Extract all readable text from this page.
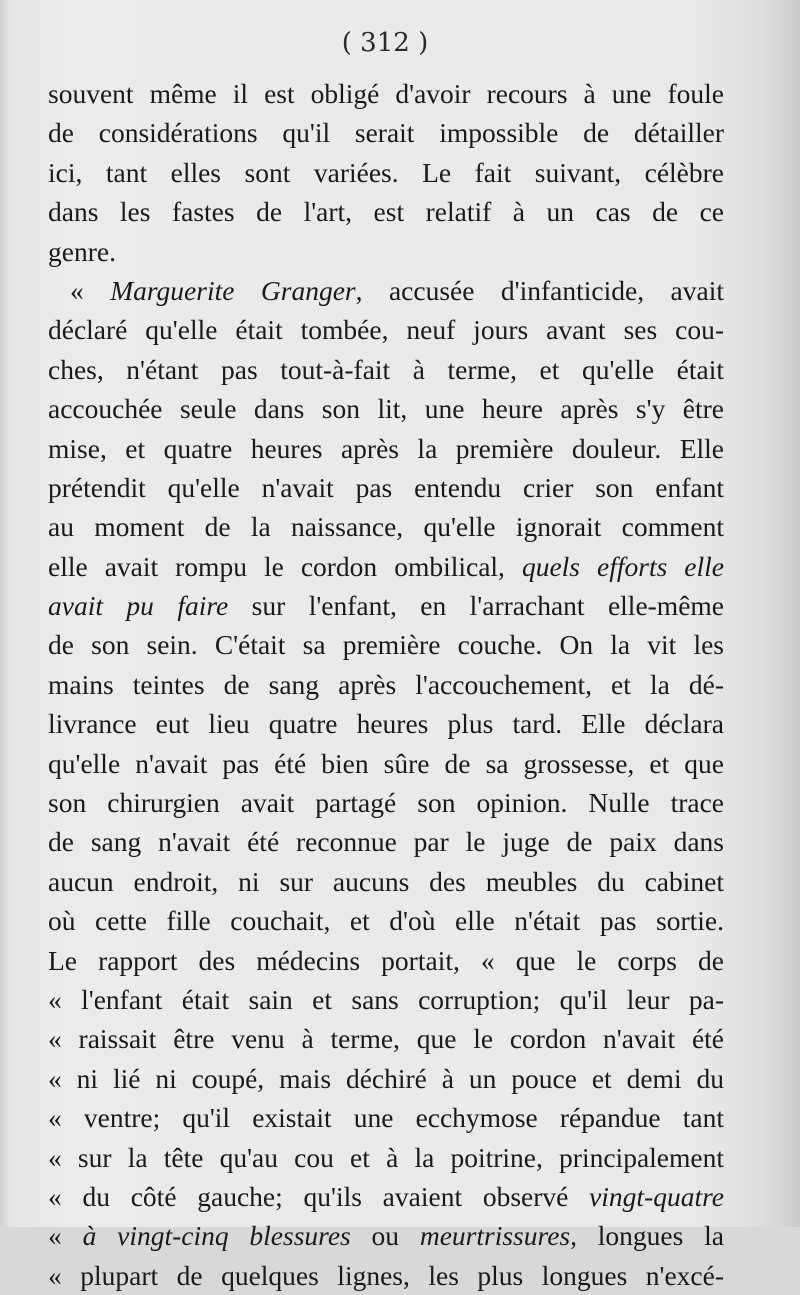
( 312 )
souvent même il est obligé d'avoir recours à une foule
de considérations qu'il serait impossible de détailler
ici, tant elles sont variées. Le fait suivant, célèbre
dans les fastes de l'art, est relatif à un cas de ce
genre.
« Marguerite Granger, accusée d'infanticide, avait
déclaré qu'elle était tombée, neuf jours avant ses cou-
ches, n'étant pas tout-à-fait à terme, et qu'elle était
accouchée seule dans son lit, une heure après s'y être
mise, et quatre heures après la première douleur. Elle
prétendit qu'elle n'avait pas entendu crier son enfant
au moment de la naissance, qu'elle ignorait comment
elle avait rompu le cordon ombilical, quels efforts elle
avait pu faire sur l'enfant, en l'arrachant elle-même
de son sein. C'était sa première couche. On la vit les
mains teintes de sang après l'accouchement, et la dé-
livrance eut lieu quatre heures plus tard. Elle déclara
qu'elle n'avait pas été bien sûre de sa grossesse, et que
son chirurgien avait partagé son opinion. Nulle trace
de sang n'avait été reconnue par le juge de paix dans
aucun endroit, ni sur aucuns des meubles du cabinet
où cette fille couchait, et d'où elle n'était pas sortie.
Le rapport des médecins portait, « que le corps de
« l'enfant était sain et sans corruption; qu'il leur pa-
« raissait être venu à terme, que le cordon n'avait été
« ni lié ni coupé, mais déchiré à un pouce et demi du
« ventre; qu'il existait une ecchymose répandue tant
« sur la tête qu'au cou et à la poitrine, principalement
« du côté gauche; qu'ils avaient observé vingt-quatre
« à vingt-cinq blessures ou meurtrissures, longues la
« plupart de quelques lignes, les plus longues n'excé-
